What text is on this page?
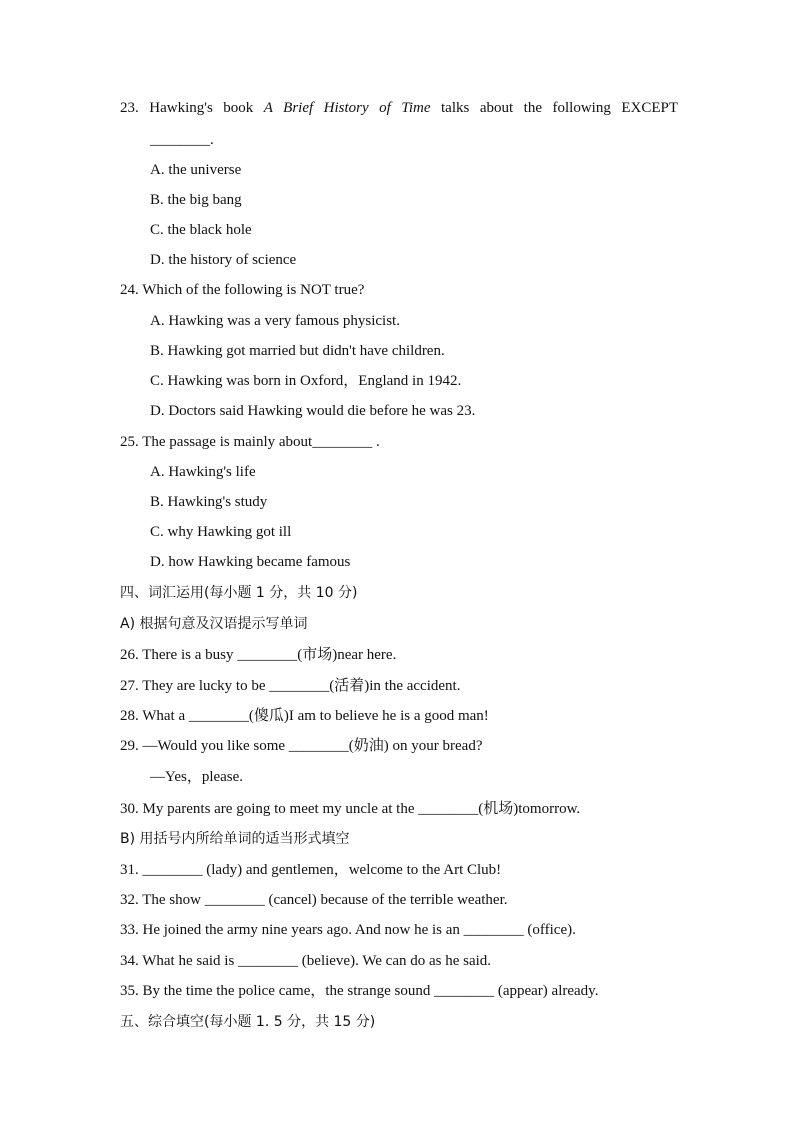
23. Hawking's book A Brief History of Time talks about the following EXCEPT
________.
A. the universe
B. the big bang
C. the black hole
D. the history of science
24. Which of the following is NOT true?
A. Hawking was a very famous physicist.
B. Hawking got married but didn't have children.
C. Hawking was born in Oxford，England in 1942.
D. Doctors said Hawking would die before he was 23.
25. The passage is mainly about________ .
A. Hawking's life
B. Hawking's study
C. why Hawking got ill
D. how Hawking became famous
四、词汇运用(每小题 1 分，共 10 分)
A) 根据句意及汉语提示写单词
26. There is a busy ________(市场)near here.
27. They are lucky to be ________(活着)in the accident.
28. What a ________(傻瓜)I am to believe he is a good man!
29. —Would you like some ________(奶油) on your bread?
—Yes，please.
30. My parents are going to meet my uncle at the ________(机场)tomorrow.
B) 用括号内所给单词的适当形式填空
31. ________ (lady) and gentlemen，welcome to the Art Club!
32. The show ________ (cancel) because of the terrible weather.
33. He joined the army nine years ago. And now he is an ________ (office).
34. What he said is ________ (believe). We can do as he said.
35. By the time the police came，the strange sound ________ (appear) already.
五、综合填空(每小题 1. 5 分，共 15 分)
